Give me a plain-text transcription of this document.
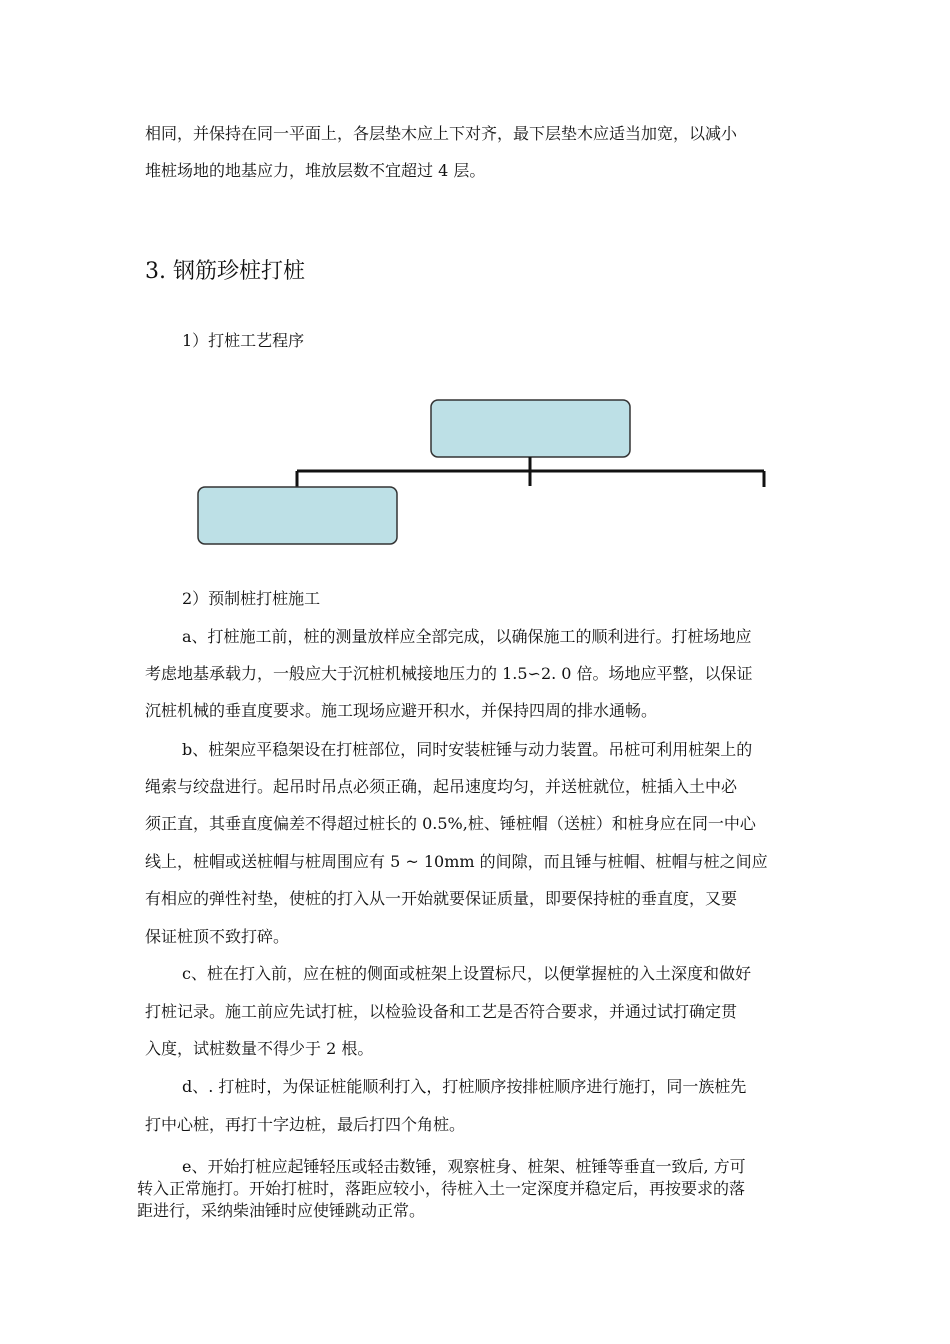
相同，并保持在同一平面上，各层垫木应上下对齐，最下层垫木应适当加宽，以减小
堆桩场地的地基应力，堆放层数不宜超过 4 层。
3. 钢筋珍桩打桩
1）打桩工艺程序
2）预制桩打桩施工
a、打桩施工前，桩的测量放样应全部完成，以确保施工的顺利进行。打桩场地应
考虑地基承载力，一般应大于沉桩机械接地压力的 1.5∽2. 0 倍。场地应平整，以保证
沉桩机械的垂直度要求。施工现场应避开积水，并保持四周的排水通畅。
b、桩架应平稳架设在打桩部位，同时安装桩锤与动力装置。吊桩可利用桩架上的
绳索与绞盘进行。起吊时吊点必须正确，起吊速度均匀，并送桩就位，桩插入土中必
须正直，其垂直度偏差不得超过桩长的 0.5%,桩、锤桩帽（送桩）和桩身应在同一中心
线上，桩帽或送桩帽与桩周围应有 5 ~ 10mm 的间隙，而且锤与桩帽、桩帽与桩之间应
有相应的弹性衬垫，使桩的打入从一开始就要保证质量，即要保持桩的垂直度，又要
保证桩顶不致打碎。
c、桩在打入前，应在桩的侧面或桩架上设置标尺，以便掌握桩的入土深度和做好
打桩记录。施工前应先试打桩，以检验设备和工艺是否符合要求，并通过试打确定贯
入度，试桩数量不得少于 2 根。
d、. 打桩时，为保证桩能顺利打入，打桩顺序按排桩顺序进行施打，同一族桩先
打中心桩，再打十字边桩，最后打四个角桩。
e、开始打桩应起锤轻压或轻击数锤，观察桩身、桩架、桩锤等垂直一致后, 方可
转入正常施打。开始打桩时，落距应较小，待桩入土一定深度并稳定后，再按要求的落
距进行，采纳柴油锤时应使锤跳动正常。
